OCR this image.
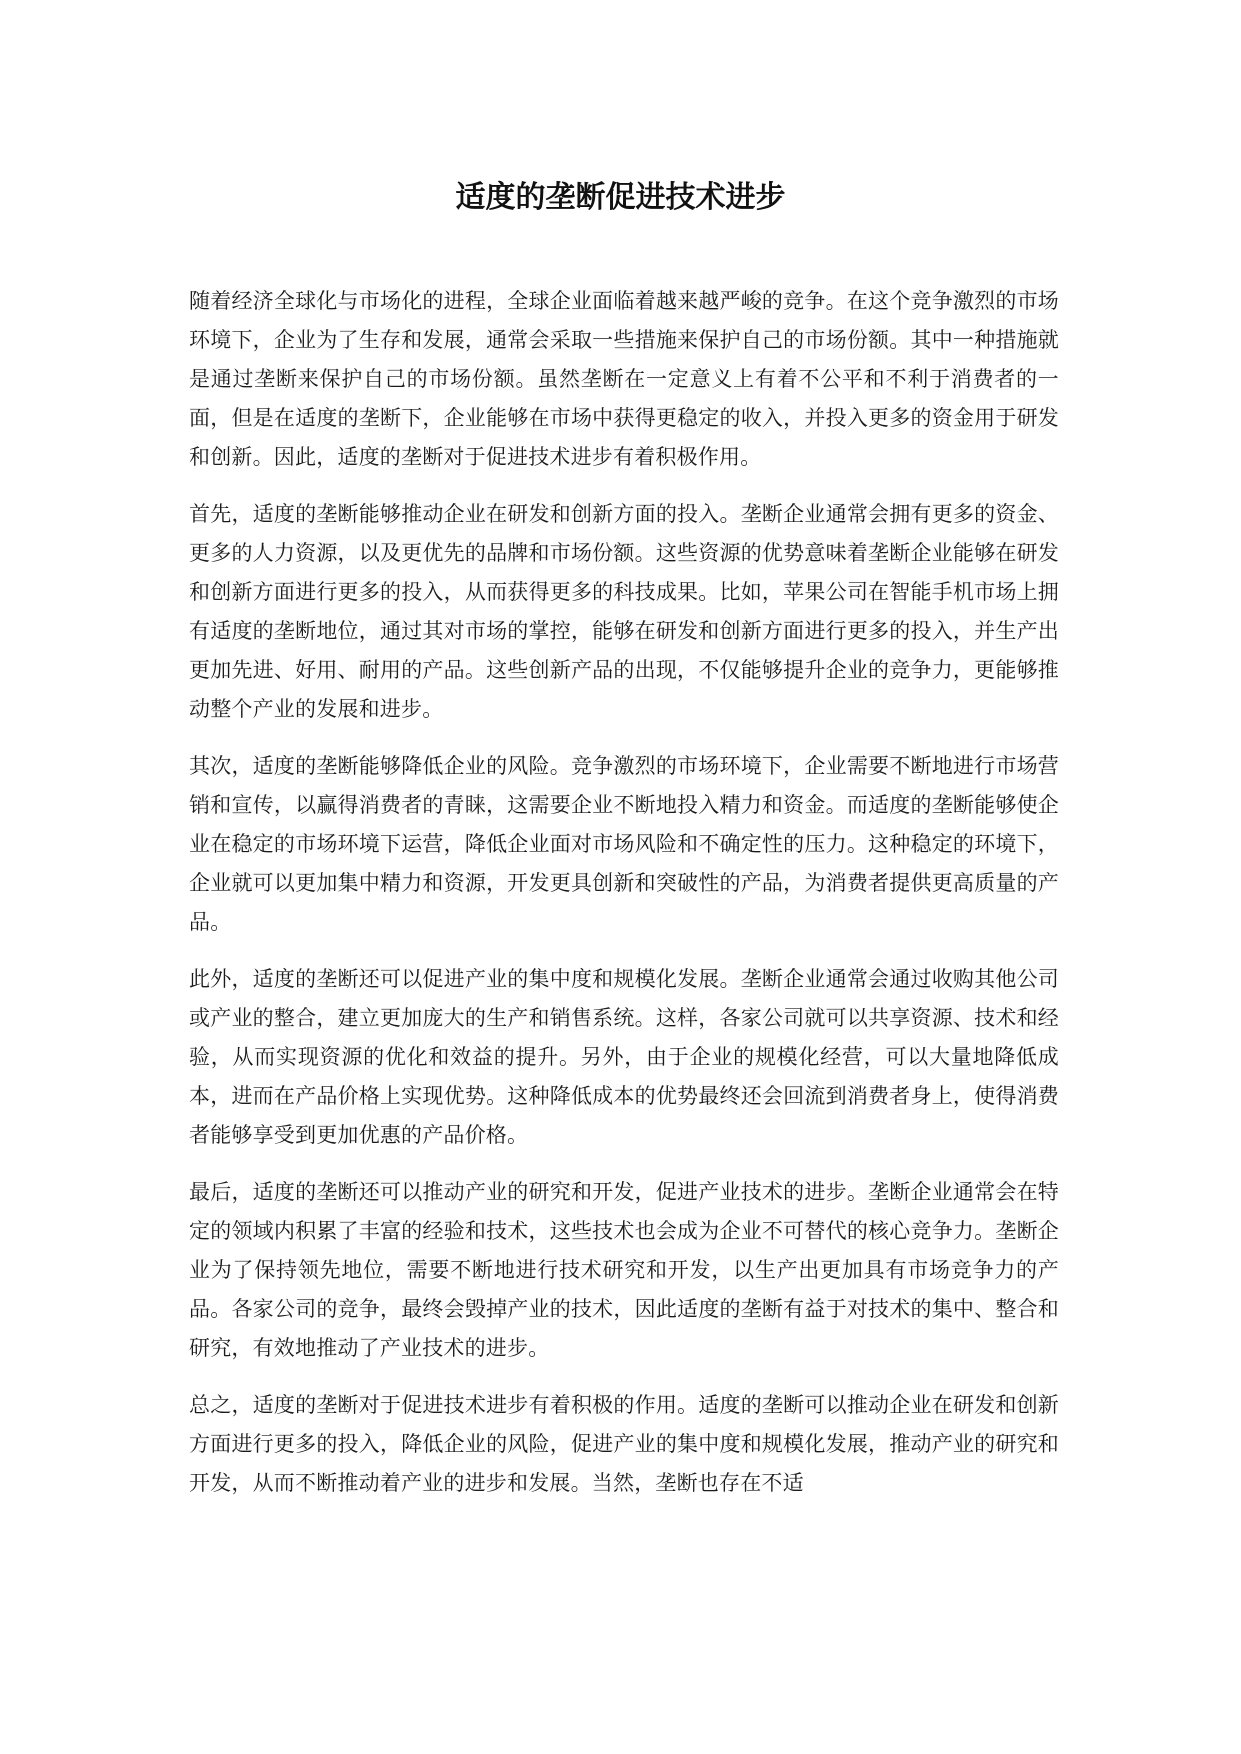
适度的垄断促进技术进步

随着经济全球化与市场化的进程，全球企业面临着越来越严峻的竞争。在这个竞争激烈的市场环境下，企业为了生存和发展，通常会采取一些措施来保护自己的市场份额。其中一种措施就是通过垄断来保护自己的市场份额。虽然垄断在一定意义上有着不公平和不利于消费者的一面，但是在适度的垄断下，企业能够在市场中获得更稳定的收入，并投入更多的资金用于研发和创新。因此，适度的垄断对于促进技术进步有着积极作用。

首先，适度的垄断能够推动企业在研发和创新方面的投入。垄断企业通常会拥有更多的资金、更多的人力资源，以及更优先的品牌和市场份额。这些资源的优势意味着垄断企业能够在研发和创新方面进行更多的投入，从而获得更多的科技成果。比如，苹果公司在智能手机市场上拥有适度的垄断地位，通过其对市场的掌控，能够在研发和创新方面进行更多的投入，并生产出更加先进、好用、耐用的产品。这些创新产品的出现，不仅能够提升企业的竞争力，更能够推动整个产业的发展和进步。

其次，适度的垄断能够降低企业的风险。竞争激烈的市场环境下，企业需要不断地进行市场营销和宣传，以赢得消费者的青睐，这需要企业不断地投入精力和资金。而适度的垄断能够使企业在稳定的市场环境下运营，降低企业面对市场风险和不确定性的压力。这种稳定的环境下，企业就可以更加集中精力和资源，开发更具创新和突破性的产品，为消费者提供更高质量的产品。

此外，适度的垄断还可以促进产业的集中度和规模化发展。垄断企业通常会通过收购其他公司或产业的整合，建立更加庞大的生产和销售系统。这样，各家公司就可以共享资源、技术和经验，从而实现资源的优化和效益的提升。另外，由于企业的规模化经营，可以大量地降低成本，进而在产品价格上实现优势。这种降低成本的优势最终还会回流到消费者身上，使得消费者能够享受到更加优惠的产品价格。

最后，适度的垄断还可以推动产业的研究和开发，促进产业技术的进步。垄断企业通常会在特定的领域内积累了丰富的经验和技术，这些技术也会成为企业不可替代的核心竞争力。垄断企业为了保持领先地位，需要不断地进行技术研究和开发，以生产出更加具有市场竞争力的产品。各家公司的竞争，最终会毁掉产业的技术，因此适度的垄断有益于对技术的集中、整合和研究，有效地推动了产业技术的进步。

总之，适度的垄断对于促进技术进步有着积极的作用。适度的垄断可以推动企业在研发和创新方面进行更多的投入，降低企业的风险，促进产业的集中度和规模化发展，推动产业的研究和开发，从而不断推动着产业的进步和发展。当然，垄断也存在不适
